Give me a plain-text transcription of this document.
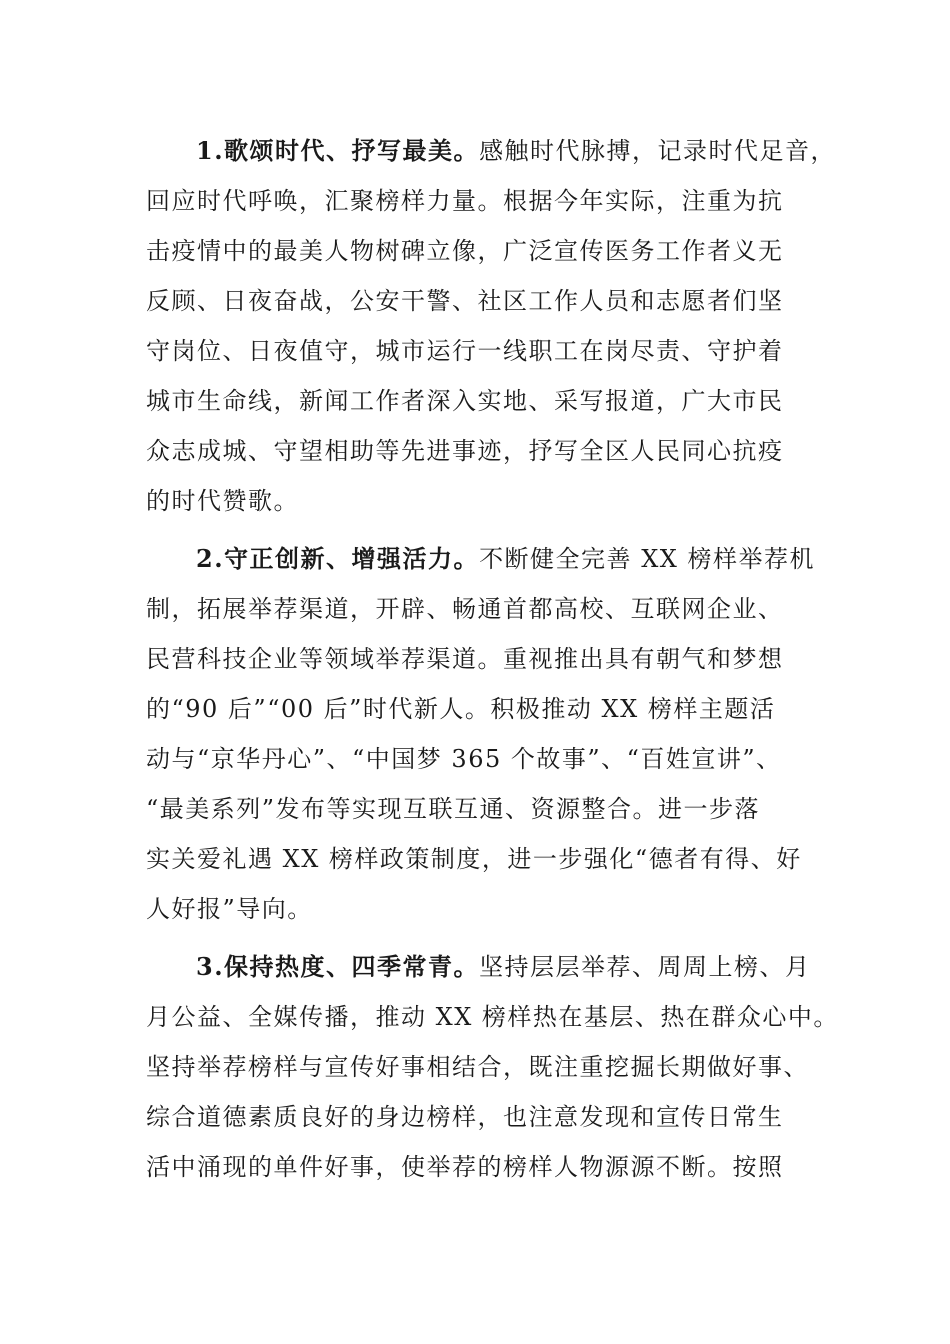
1.歌颂时代、抒写最美。感触时代脉搏，记录时代足音，
回应时代呼唤，汇聚榜样力量。根据今年实际，注重为抗
击疫情中的最美人物树碑立像，广泛宣传医务工作者义无
反顾、日夜奋战，公安干警、社区工作人员和志愿者们坚
守岗位、日夜值守，城市运行一线职工在岗尽责、守护着
城市生命线，新闻工作者深入实地、采写报道，广大市民
众志成城、守望相助等先进事迹，抒写全区人民同心抗疫
的时代赞歌。
2.守正创新、增强活力。不断健全完善 XX 榜样举荐机
制，拓展举荐渠道，开辟、畅通首都高校、互联网企业、
民营科技企业等领域举荐渠道。重视推出具有朝气和梦想
的“90 后”“00 后”时代新人。积极推动 XX 榜样主题活
动与“京华丹心”、“中国梦 365 个故事”、“百姓宣讲”、
“最美系列”发布等实现互联互通、资源整合。进一步落
实关爱礼遇 XX 榜样政策制度，进一步强化“德者有得、好
人好报”导向。
3.保持热度、四季常青。坚持层层举荐、周周上榜、月
月公益、全媒传播，推动 XX 榜样热在基层、热在群众心中。
坚持举荐榜样与宣传好事相结合，既注重挖掘长期做好事、
综合道德素质良好的身边榜样，也注意发现和宣传日常生
活中涌现的单件好事，使举荐的榜样人物源源不断。按照
